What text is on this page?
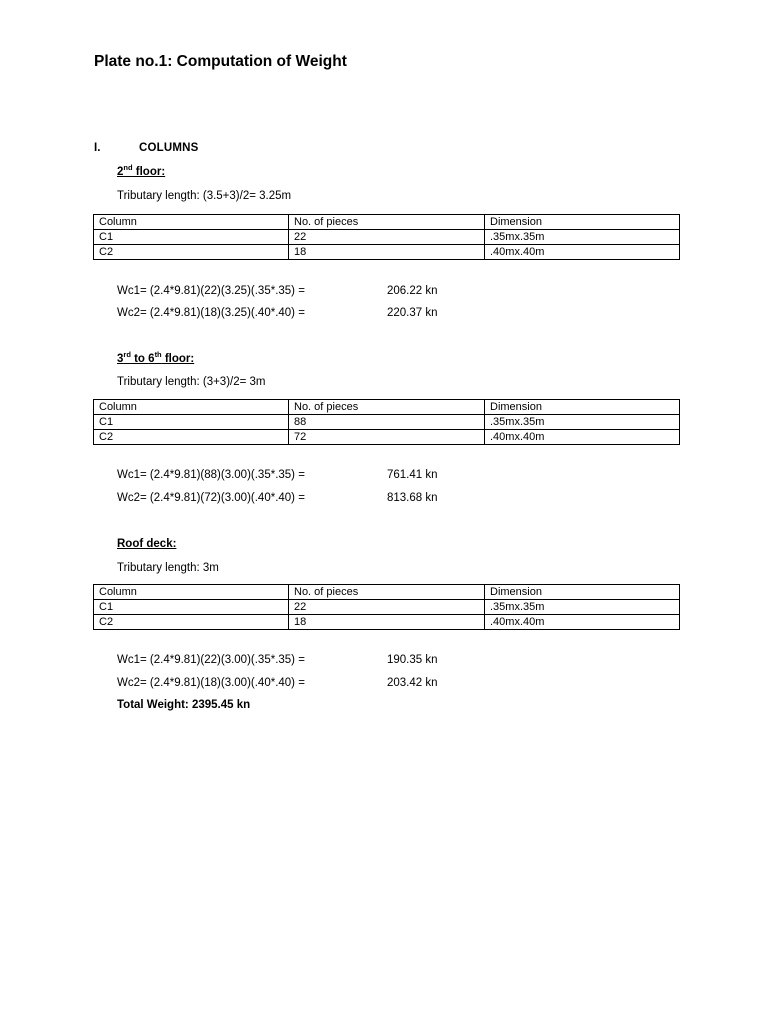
Plate no.1: Computation of Weight
I.	COLUMNS
2nd floor:
Tributary length: (3.5+3)/2= 3.25m
Column	No. of pieces	Dimension
C1	22	.35mx.35m
C2	18	.40mx.40m
Wc1= (2.4*9.81)(22)(3.25)(.35*.35) =	206.22 kn
Wc2= (2.4*9.81)(18)(3.25)(.40*.40) =	220.37 kn
3rd to 6th floor:
Tributary length: (3+3)/2= 3m
Column	No. of pieces	Dimension
C1	88	.35mx.35m
C2	72	.40mx.40m
Wc1= (2.4*9.81)(88)(3.00)(.35*.35) =	761.41 kn
Wc2= (2.4*9.81)(72)(3.00)(.40*.40) =	813.68 kn
Roof deck:
Tributary length: 3m
Column	No. of pieces	Dimension
C1	22	.35mx.35m
C2	18	.40mx.40m
Wc1= (2.4*9.81)(22)(3.00)(.35*.35) =	190.35 kn
Wc2= (2.4*9.81)(18)(3.00)(.40*.40) =	203.42 kn
Total Weight: 2395.45 kn
